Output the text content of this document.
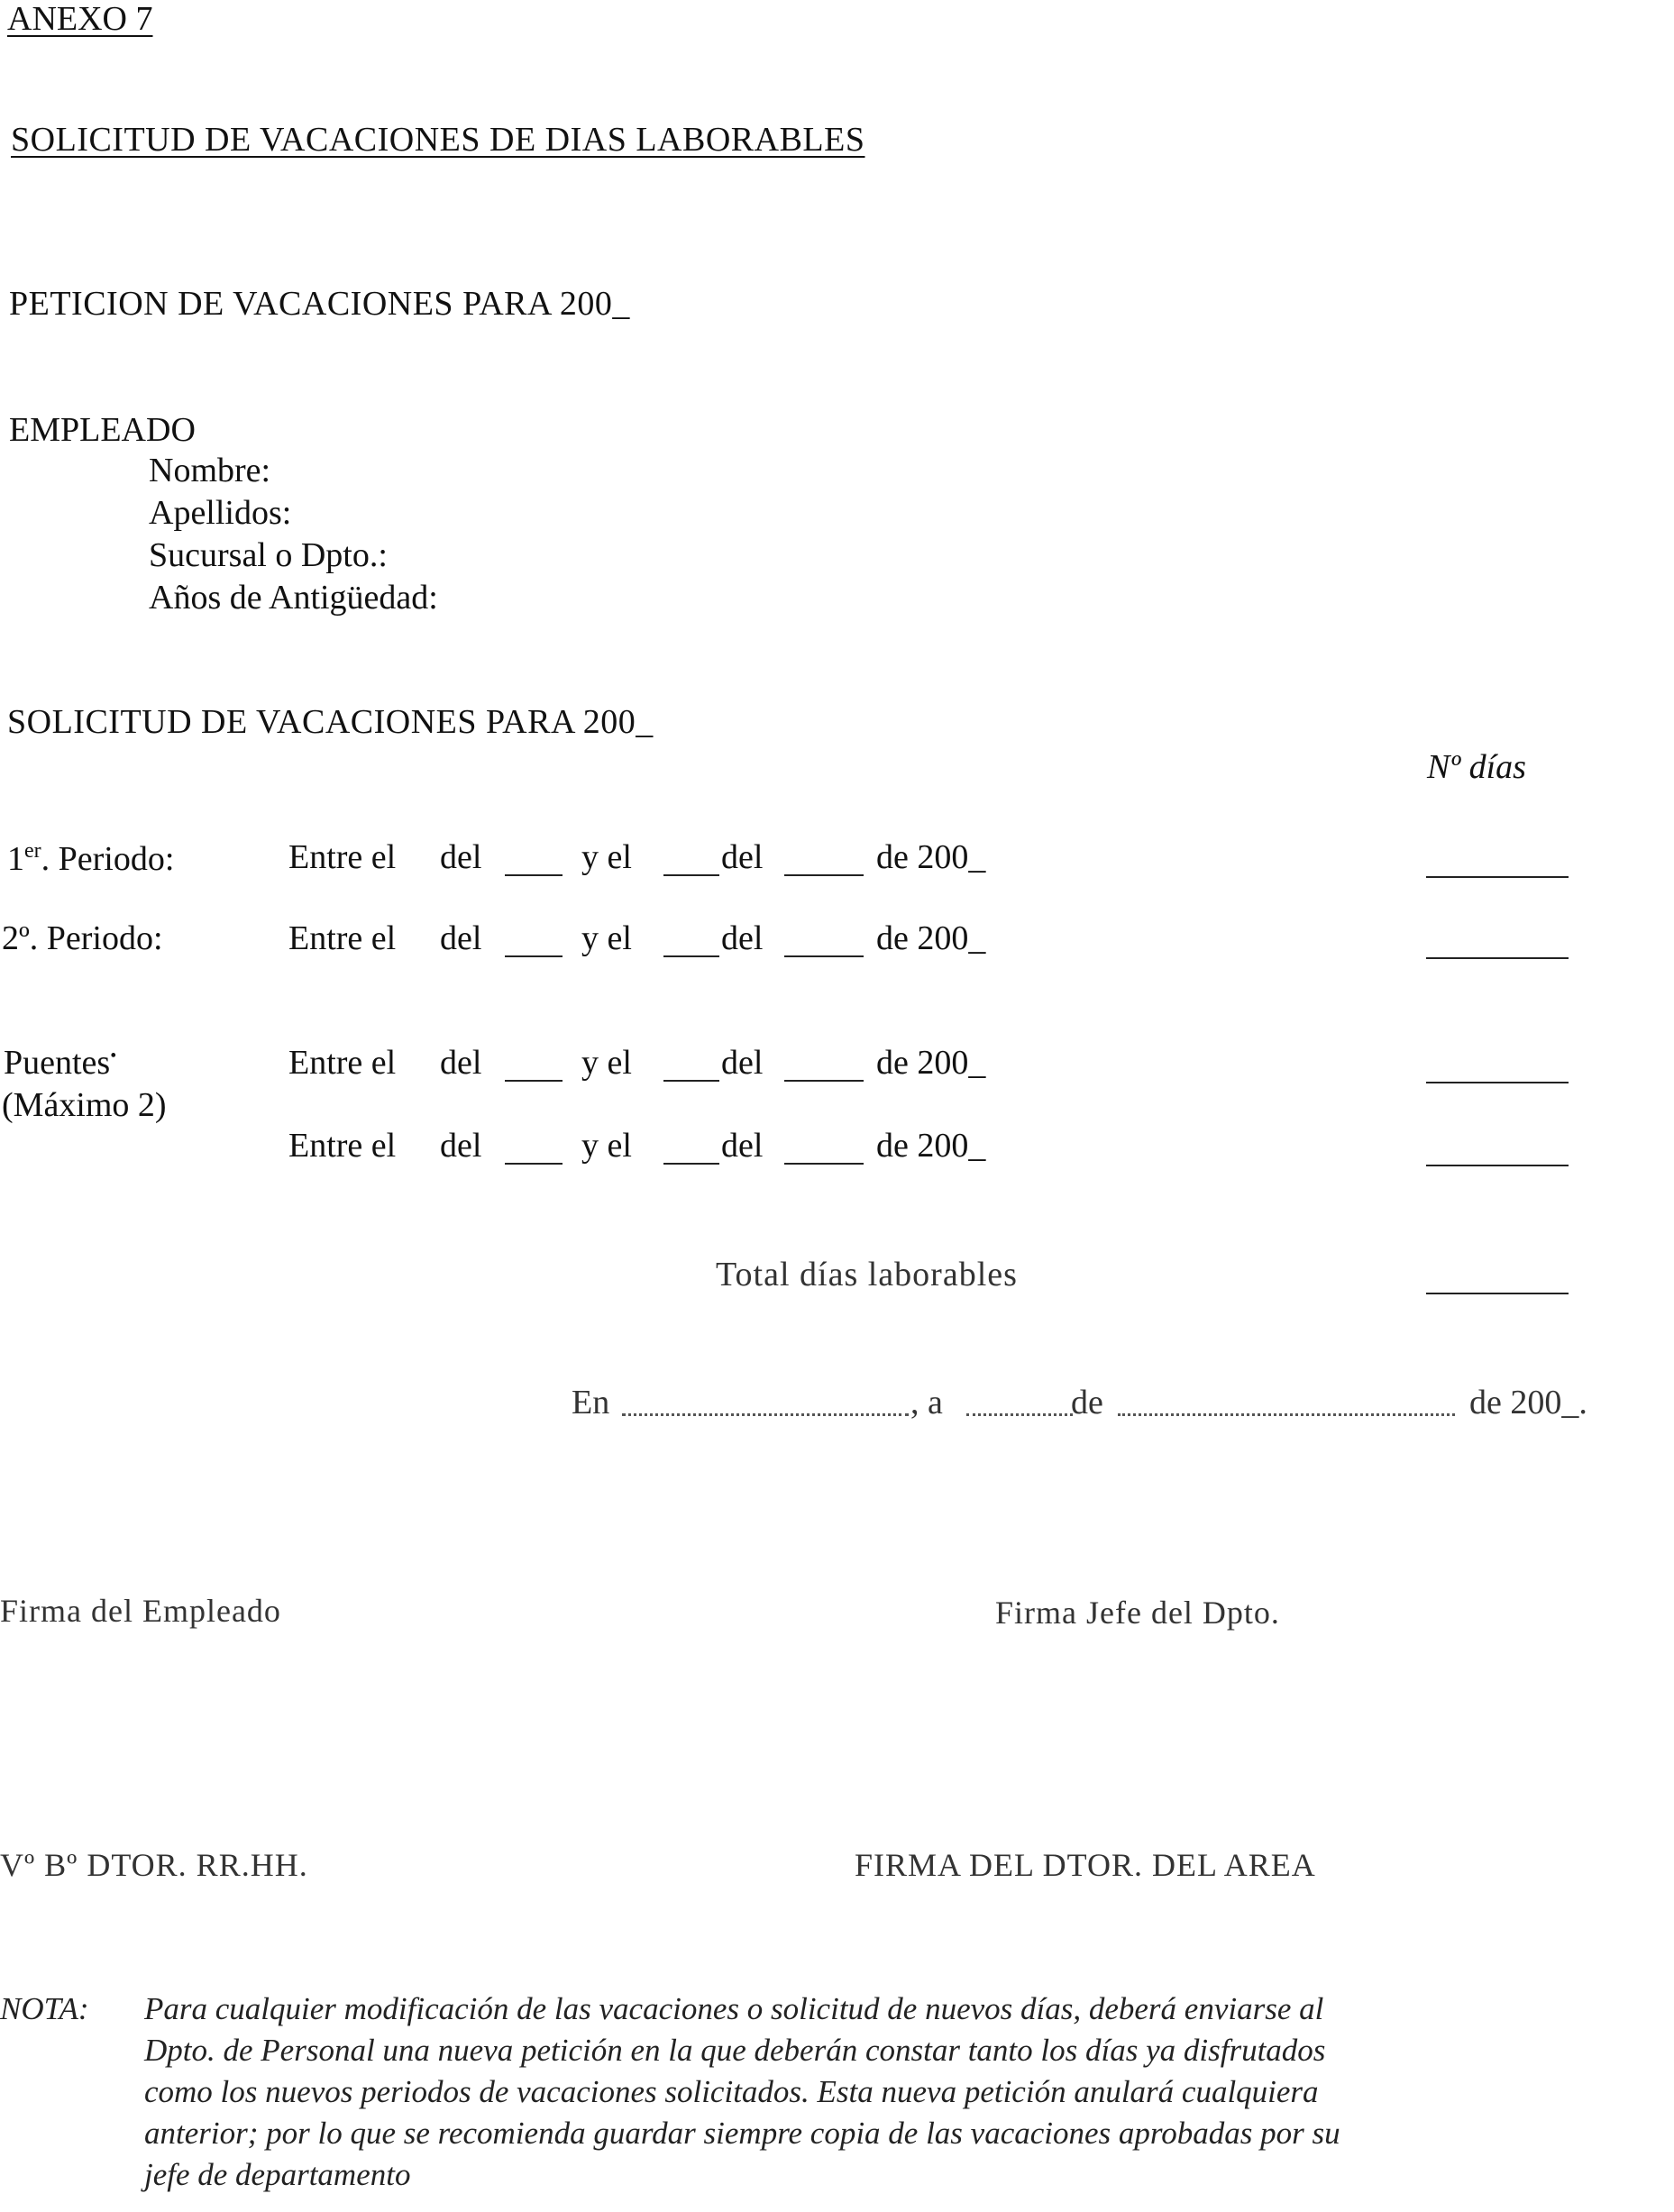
ANEXO 7
SOLICITUD DE VACACIONES DE DIAS LABORABLES
PETICION DE VACACIONES PARA 200_
EMPLEADO
Nombre:
Apellidos:
Sucursal o Dpto.:
Años de Antigüedad:
SOLICITUD DE VACACIONES PARA 200_
Nº días
1er. Periodo:	Entre el del	y el	del	de 200_
2º. Periodo:	Entre el del	y el	del	de 200_
Puentes•
(Máximo 2)
Entre el del	y el	del	de 200_
Entre el del	y el	del	de 200_
Total días laborables
En	, a	de	de 200_.
Firma del Empleado	Firma Jefe del Dpto.
Vº Bº DTOR. RR.HH.	FIRMA DEL DTOR. DEL AREA
NOTA: Para cualquier modificación de las vacaciones o solicitud de nuevos días, deberá enviarse al
Dpto. de Personal una nueva petición en la que deberán constar tanto los días ya disfrutados
como los nuevos periodos de vacaciones solicitados. Esta nueva petición anulará cualquiera
anterior; por lo que se recomienda guardar siempre copia de las vacaciones aprobadas por su
jefe de departamento
